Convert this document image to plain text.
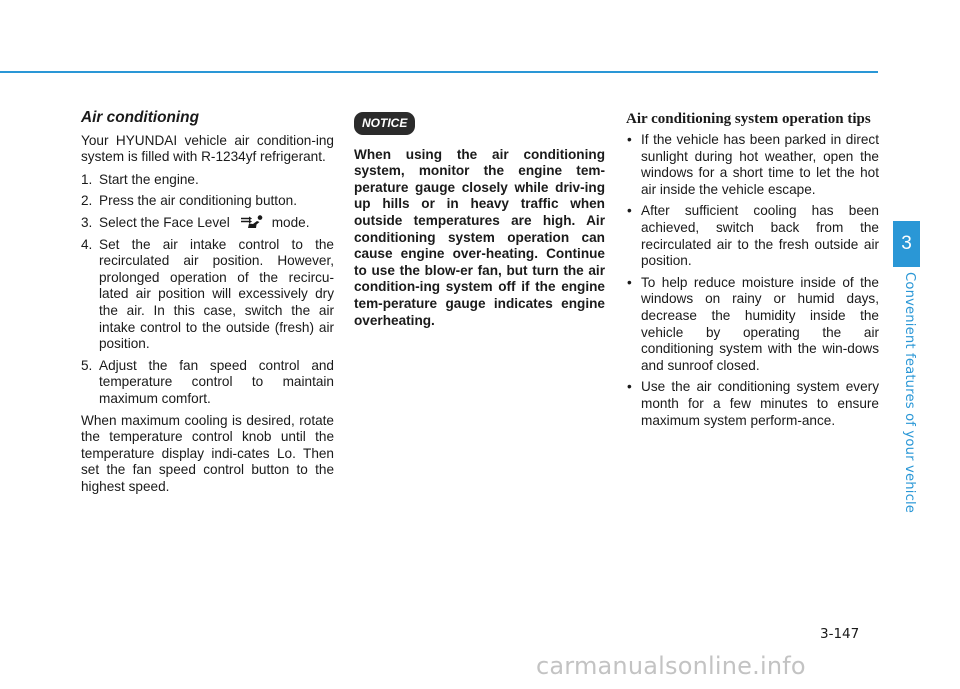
3
Convenient features of your vehicle
Air conditioning

Your HYUNDAI vehicle air condition-ing system is filled with R-1234yf refrigerant.

1. Start the engine.
2. Press the air conditioning button.
3. Select the Face Level	mode.
4. Set the air intake control to the recirculated air position. However, prolonged operation of the recircu-lated air position will excessively dry the air. In this case, switch the air intake control to the outside (fresh) air position.
5. Adjust the fan speed control and temperature control to maintain maximum comfort.

When maximum cooling is desired, rotate the temperature control knob until the temperature display indi-cates Lo. Then set the fan speed control button to the highest speed.

NOTICE
When using the air conditioning system, monitor the engine tem-perature gauge closely while driv-ing up hills or in heavy traffic when outside temperatures are high. Air conditioning system operation can cause engine over-heating. Continue to use the blow-er fan, but turn the air condition-ing system off if the engine tem-perature gauge indicates engine overheating.
Air conditioning system operation tips
• If the vehicle has been parked in direct sunlight during hot weather, open the windows for a short time to let the hot air inside the vehicle escape.
• After sufficient cooling has been achieved, switch back from the recirculated air to the fresh outside air position.
• To help reduce moisture inside of the windows on rainy or humid days, decrease the humidity inside the vehicle by operating the air conditioning system with the win-dows and sunroof closed.
• Use the air conditioning system every month for a few minutes to ensure maximum system perform-ance.
3-147
carmanualsonline.info
